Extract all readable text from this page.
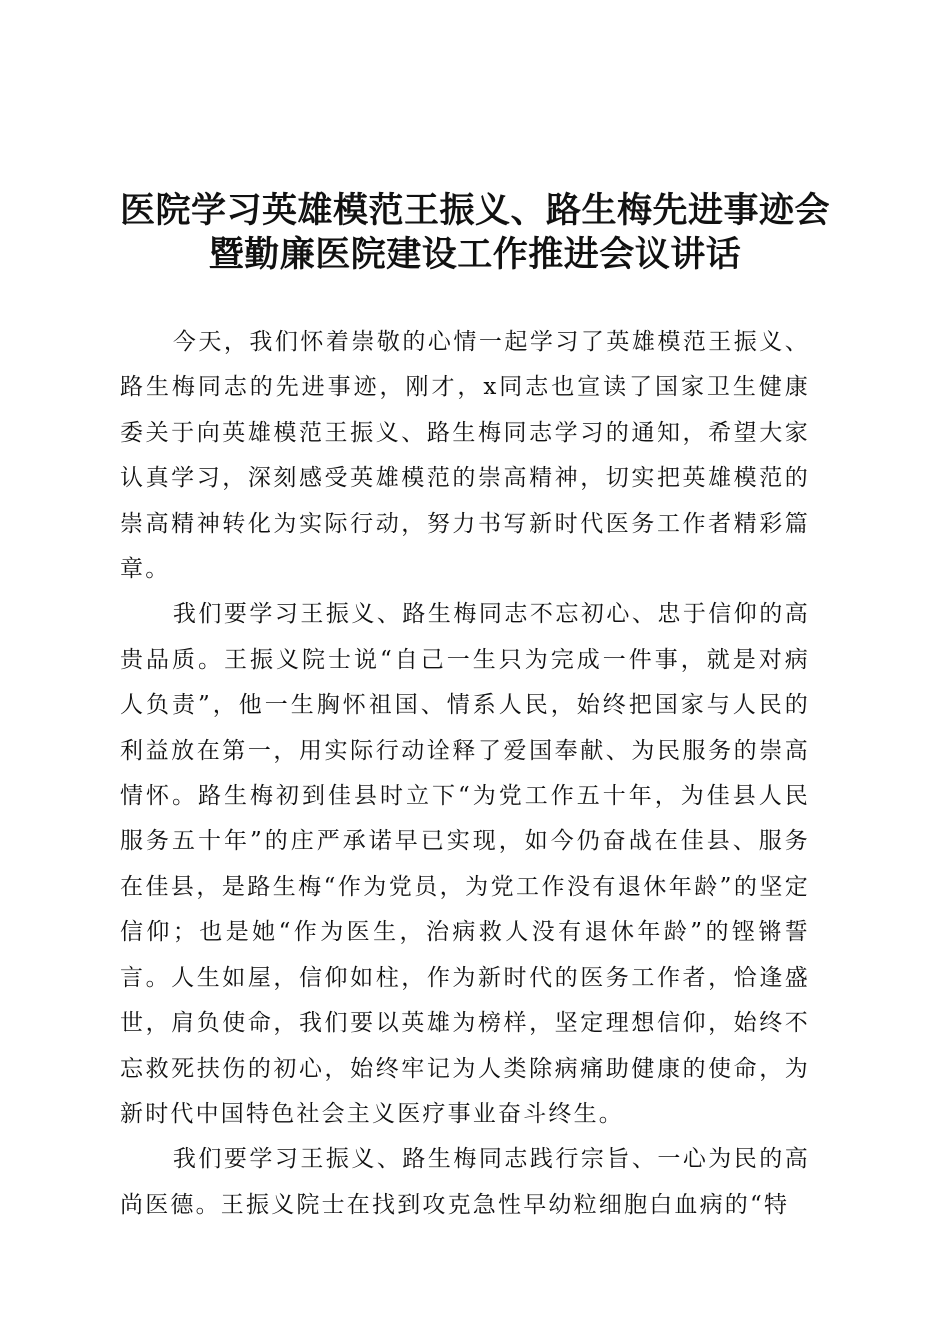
医院学习英雄模范王振义、路生梅先进事迹会
暨勤廉医院建设工作推进会议讲话

今天，我们怀着崇敬的心情一起学习了英雄模范王振义、路生梅同志的先进事迹，刚才，x同志也宣读了国家卫生健康委关于向英雄模范王振义、路生梅同志学习的通知，希望大家认真学习，深刻感受英雄模范的崇高精神，切实把英雄模范的崇高精神转化为实际行动，努力书写新时代医务工作者精彩篇章。

我们要学习王振义、路生梅同志不忘初心、忠于信仰的高贵品质。王振义院士说“自己一生只为完成一件事，就是对病人负责”，他一生胸怀祖国、情系人民，始终把国家与人民的利益放在第一，用实际行动诠释了爱国奉献、为民服务的崇高情怀。路生梅初到佳县时立下“为党工作五十年，为佳县人民服务五十年”的庄严承诺早已实现，如今仍奋战在佳县、服务在佳县，是路生梅“作为党员，为党工作没有退休年龄”的坚定信仰；也是她“作为医生，治病救人没有退休年龄”的铿锵誓言。人生如屋，信仰如柱，作为新时代的医务工作者，恰逢盛世，肩负使命，我们要以英雄为榜样，坚定理想信仰，始终不忘救死扶伤的初心，始终牢记为人类除病痛助健康的使命，为新时代中国特色社会主义医疗事业奋斗终生。

我们要学习王振义、路生梅同志践行宗旨、一心为民的高尚医德。王振义院士在找到攻克急性早幼粒细胞白血病的“特
